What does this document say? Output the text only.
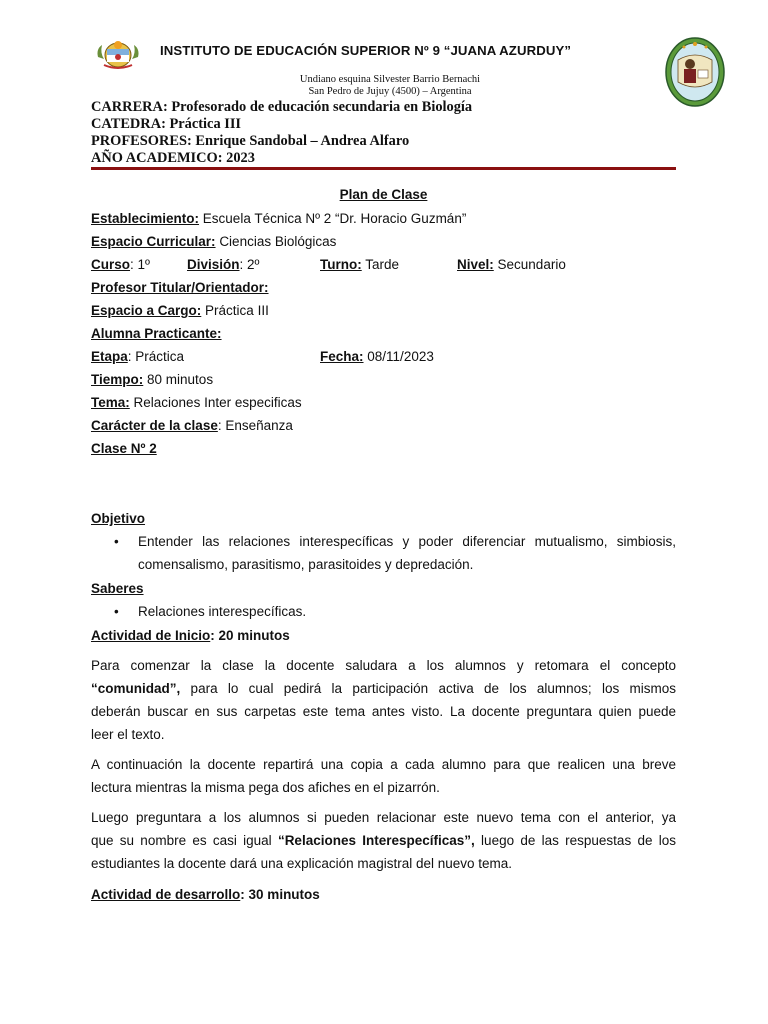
INSTITUTO DE EDUCACIÓN SUPERIOR Nº 9 “JUANA AZURDUY”
Undiano esquina Silvester Barrio Bernachi
San Pedro de Jujuy (4500) – Argentina
CARRERA: Profesorado de educación secundaria en Biología
CATEDRA: Práctica III
PROFESORES: Enrique Sandobal – Andrea Alfaro
AÑO ACADEMICO: 2023
Plan de Clase
Establecimiento: Escuela Técnica Nº 2 “Dr. Horacio Guzmán”
Espacio Curricular: Ciencias Biológicas
Curso: 1º	División: 2º	Turno: Tarde	Nivel: Secundario
Profesor Titular/Orientador:
Espacio a Cargo: Práctica III
Alumna Practicante:
Etapa: Práctica	Fecha: 08/11/2023
Tiempo: 80 minutos
Tema: Relaciones Inter especificas
Carácter de la clase: Enseñanza
Clase Nº 2
Objetivo
• Entender las relaciones interespecíficas y poder diferenciar mutualismo, simbiosis,
comensalismo, parasitismo, parasitoides y depredación.
Saberes
• Relaciones interespecíficas.
Actividad de Inicio: 20 minutos
Para comenzar la clase la docente saludara a los alumnos y retomara el concepto
“comunidad”, para lo cual pedirá la participación activa de los alumnos; los mismos
deberán buscar en sus carpetas este tema antes visto. La docente preguntara quien puede
leer el texto.
A continuación la docente repartirá una copia a cada alumno para que realicen una breve
lectura mientras la misma pega dos afiches en el pizarrón.
Luego preguntara a los alumnos si pueden relacionar este nuevo tema con el anterior, ya
que su nombre es casi igual “Relaciones Interespecíficas”, luego de las respuestas de los
estudiantes la docente dará una explicación magistral del nuevo tema.
Actividad de desarrollo: 30 minutos
